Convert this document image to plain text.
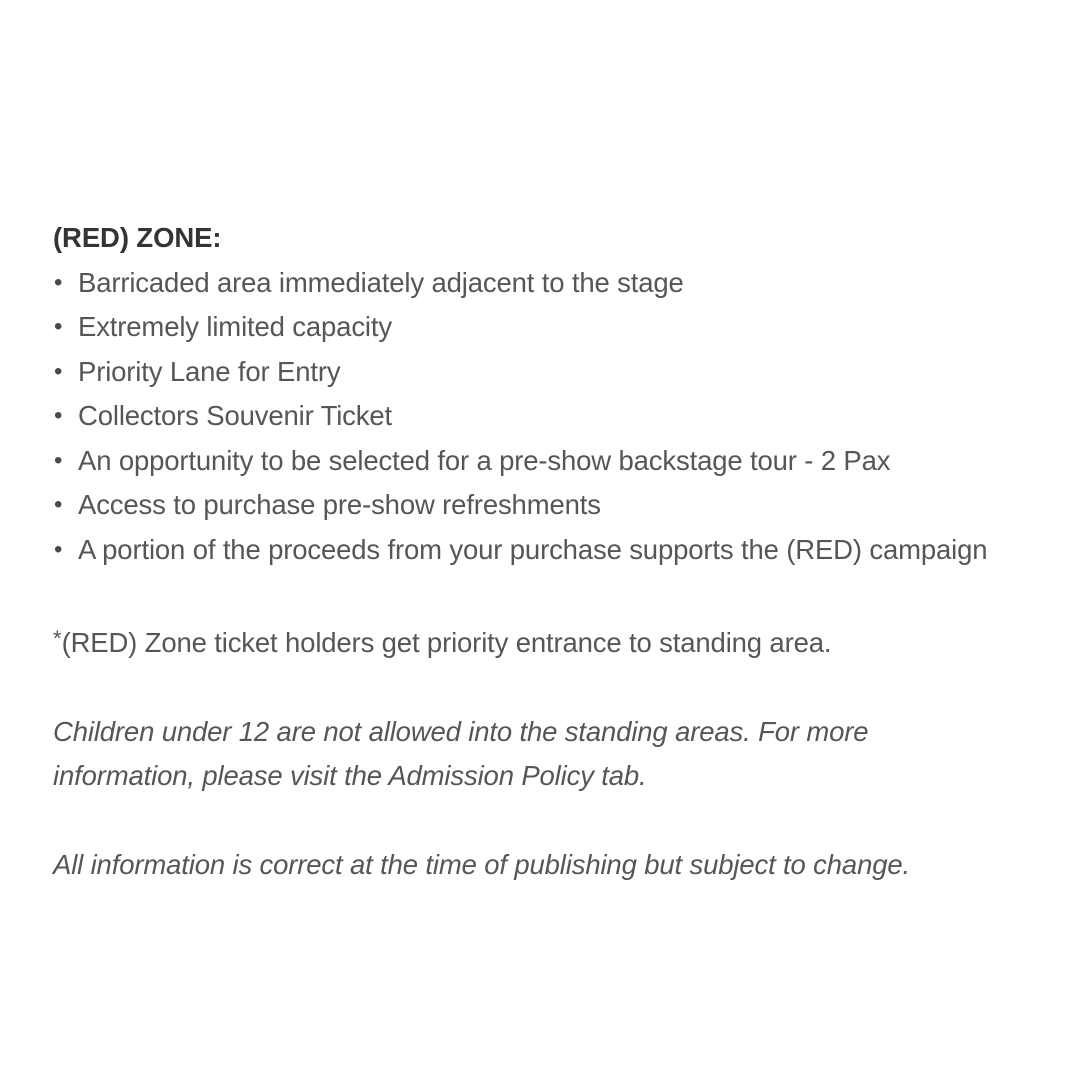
(RED) ZONE:
• Barricaded area immediately adjacent to the stage
• Extremely limited capacity
• Priority Lane for Entry
• Collectors Souvenir Ticket
• An opportunity to be selected for a pre-show backstage tour - 2 Pax
• Access to purchase pre-show refreshments
• A portion of the proceeds from your purchase supports the (RED) campaign
*(RED) Zone ticket holders get priority entrance to standing area.
Children under 12 are not allowed into the standing areas. For more
information, please visit the Admission Policy tab.
All information is correct at the time of publishing but subject to change.
